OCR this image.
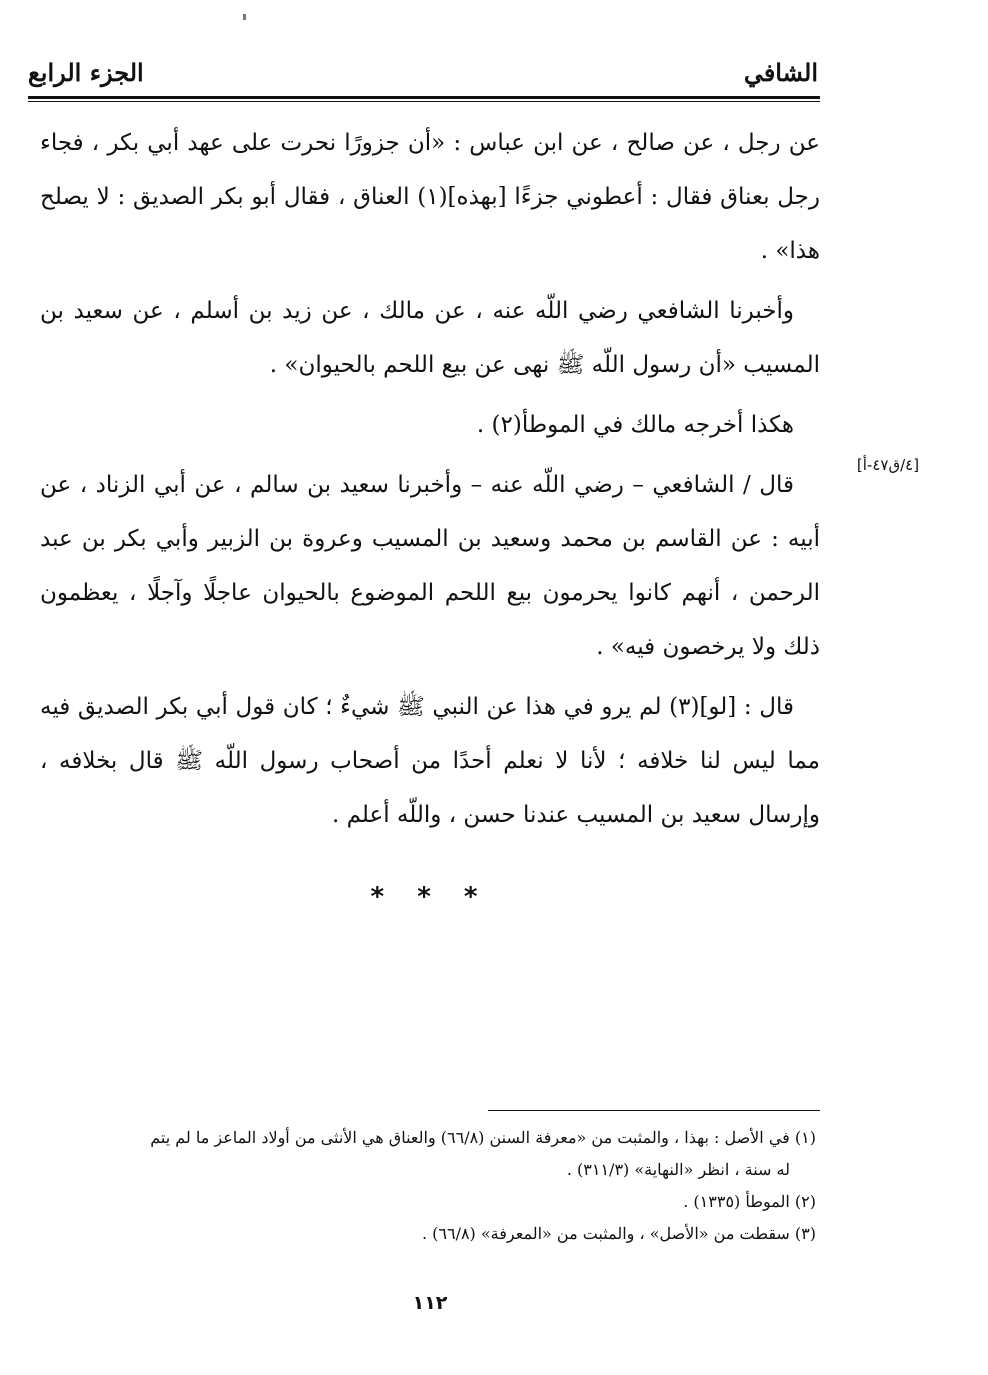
الشافي
الجزء الرابع
[٤/ق٤٧-أ]

عن رجل ، عن صالح ، عن ابن عباس : «أن جزورًا نحرت على عهد أبي بكر ، فجاء رجل بعناق فقال : أعطوني جزءًا [بهذه](١) العناق ، فقال أبو بكر الصديق : لا يصلح هذا» .

وأخبرنا الشافعي رضي اللّه عنه ، عن مالك ، عن زيد بن أسلم ، عن سعيد بن المسيب «أن رسول اللّه ﷺ نهى عن بيع اللحم بالحيوان» .

هكذا أخرجه مالك في الموطأ(٢) .

قال / الشافعي – رضي اللّه عنه – وأخبرنا سعيد بن سالم ، عن أبي الزناد ، عن أبيه : عن القاسم بن محمد وسعيد بن المسيب وعروة بن الزبير وأبي بكر بن عبد الرحمن ، أنهم كانوا يحرمون بيع اللحم الموضوع بالحيوان عاجلًا وآجلًا ، يعظمون ذلك ولا يرخصون فيه» .

قال : [لو](٣) لم يرو في هذا عن النبي ﷺ شيءٌ ؛ كان قول أبي بكر الصديق فيه مما ليس لنا خلافه ؛ لأنا لا نعلم أحدًا من أصحاب رسول اللّه ﷺ قال بخلافه ، وإرسال سعيد بن المسيب عندنا حسن ، واللّه أعلم .

* * *

(١) في الأصل : بهذا ، والمثبت من «معرفة السنن (٦٦/٨) والعناق هي الأنثى من أولاد الماعز ما لم يتم

له سنة ، انظر «النهاية» (٣١١/٣) .

(٢) الموطأ (١٣٣٥) .

(٣) سقطت من «الأصل» ، والمثبت من «المعرفة» (٦٦/٨) .

١١٢
